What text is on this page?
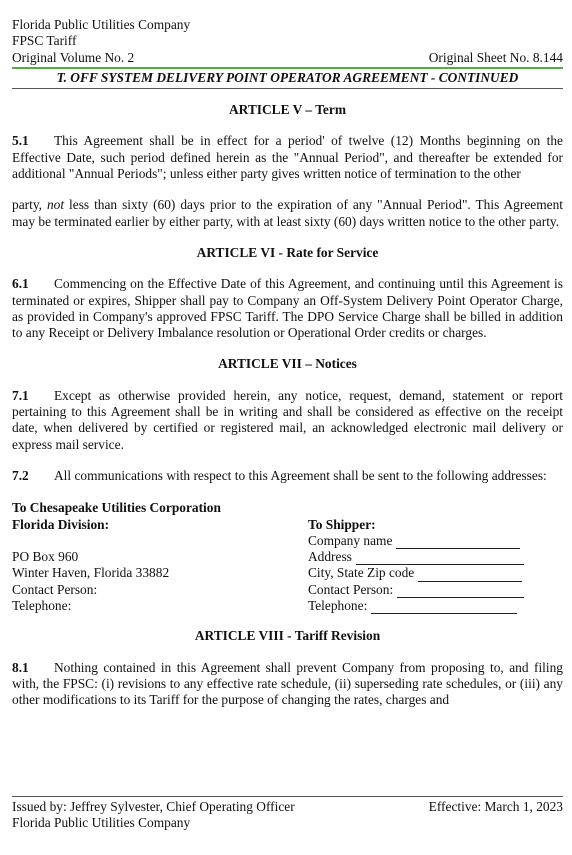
Florida Public Utilities Company
FPSC Tariff
Original Volume No. 2	Original Sheet No. 8.144
T. OFF SYSTEM DELIVERY POINT OPERATOR AGREEMENT - CONTINUED
ARTICLE V – Term
5.1 This Agreement shall be in effect for a period' of twelve (12) Months beginning on the Effective Date, such period defined herein as the "Annual Period", and thereafter be extended for additional "Annual Periods"; unless either party gives written notice of termination to the other
party, not less than sixty (60) days prior to the expiration of any "Annual Period". This Agreement may be terminated earlier by either party, with at least sixty (60) days written notice to the other party.
ARTICLE VI - Rate for Service
6.1 Commencing on the Effective Date of this Agreement, and continuing until this Agreement is terminated or expires, Shipper shall pay to Company an Off-System Delivery Point Operator Charge, as provided in Company's approved FPSC Tariff. The DPO Service Charge shall be billed in addition to any Receipt or Delivery Imbalance resolution or Operational Order credits or charges.
ARTICLE VII – Notices
7.1 Except as otherwise provided herein, any notice, request, demand, statement or report pertaining to this Agreement shall be in writing and shall be considered as effective on the receipt date, when delivered by certified or registered mail, an acknowledged electronic mail delivery or express mail service.
7.2 All communications with respect to this Agreement shall be sent to the following addresses:
To Chesapeake Utilities Corporation
Florida Division:
PO Box 960
Winter Haven, Florida 33882
Contact Person:
Telephone:
To Shipper:
Company name
Address
City, State Zip code
Contact Person:
Telephone:
ARTICLE VIII - Tariff Revision
8.1 Nothing contained in this Agreement shall prevent Company from proposing to, and filing with, the FPSC: (i) revisions to any effective rate schedule, (ii) superseding rate schedules, or (iii) any other modifications to its Tariff for the purpose of changing the rates, charges and
Issued by: Jeffrey Sylvester, Chief Operating Officer	Effective: March 1, 2023
Florida Public Utilities Company
